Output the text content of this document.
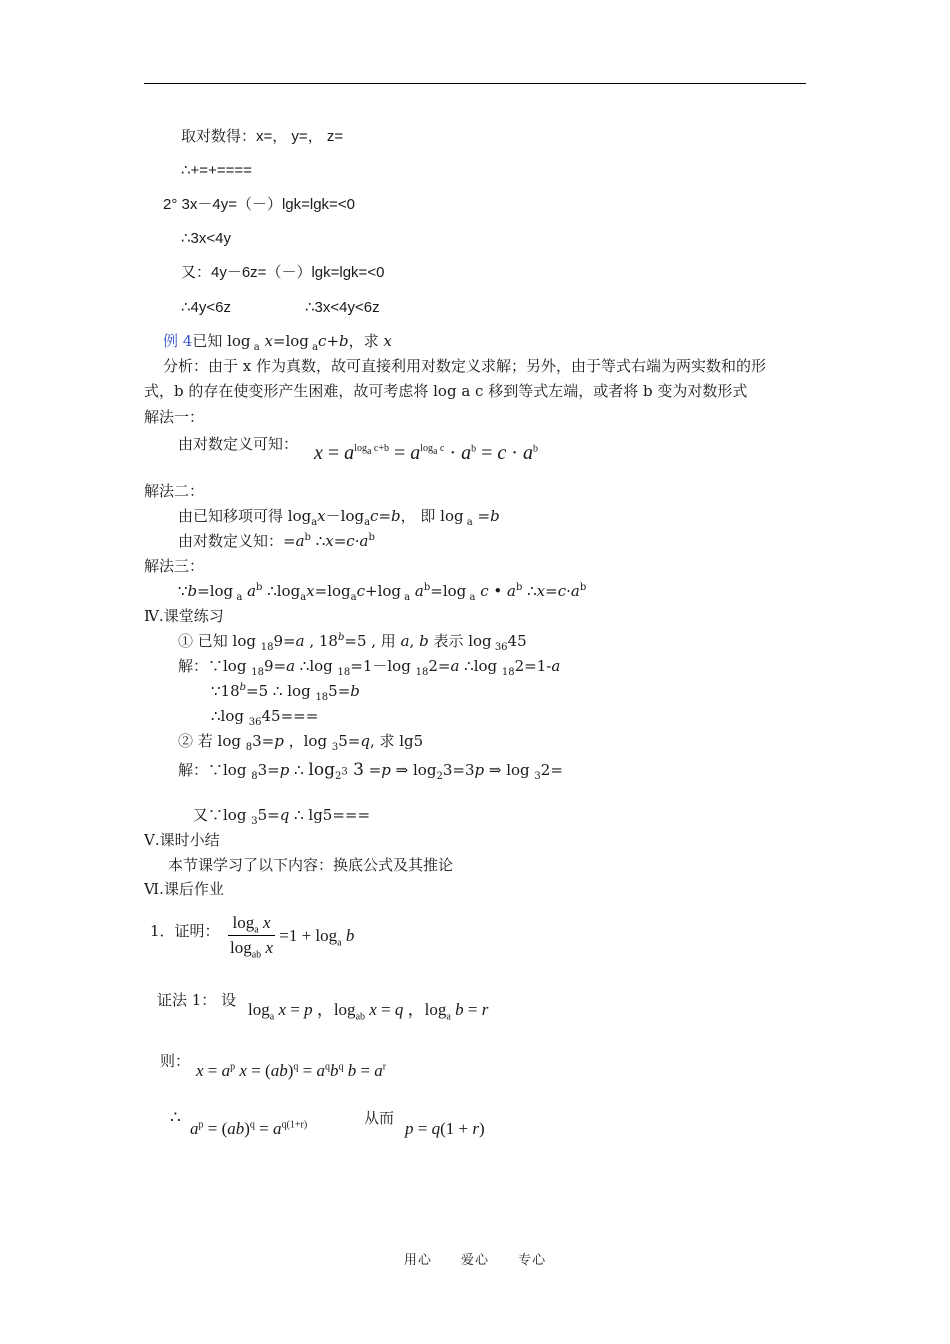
取对数得：x=， y=， z=
∴+=+====
2° 3x－4y=（－）lgk=lgk=<0
∴3x<4y
又：4y－6z=（－）lgk=lgk=<0
∴4y<6z	∴3x<4y<6z
例 4已知 log $_a$ x=log $_a$c+b，求 x
分析：由于 x 作为真数，故可直接利用对数定义求解；另外，由于等式右端为两实数和的形
式，b 的存在使变形产生困难，故可考虑将 log a c 移到等式左端，或者将 b 变为对数形式
解法一：
由对数定义可知： $x = a^{log_a c+b} = a^{log_a c} \cdot a^b = c \cdot a^b$
解法二：
由已知移项可得 $\log_ax-\log_ac=b$， 即 log $_a$ =b
由对数定义知：$=a^b$ $\therefore x=c\cdot a^b$
解法三：
∵b=log $_a$ $a^b$ $\therefore\log_ax=\log_ac+\log$ $_a$ $a^b=\log$ $_a$ c • $a^b$ $\therefore x=c\cdot a^b$
Ⅳ.课堂练习
① 已知 log $_{18}$9=a , $18^b=5$ , 用 a, b 表示 log $_{36}$45
解：∵log $_{18}$9=a ∴log $_{18}$=1－log $_{18}$2=a ∴log $_{18}$2=1-a
$\because 18^b=5$ ∴ log $_{18}$5=b
∴log $_{36}$45===
② 若 log $_8$3=p ，log $_3$5=q, 求 lg5
解：∵log $_8$3=p ∴ $\log_{2^3} 3 =p$ ⇒ $\log_23=3p$ ⇒ log $_3$2=
又∵log $_3$5=q ∴ lg5===
Ⅴ.课时小结
本节课学习了以下内容：换底公式及其推论
Ⅵ.课后作业
1．证明： $\frac{\log_a x}{\log_{ab} x} =1 + \log_a b$
证法 1： 设 $\log_a x = p$ ，$\log_{ab} x = q$ ，$\log_a b = r$
则： $x = a^p$ $x = (ab)^q = a^qb^q$ $b = a^r$
∴
$a^p = (ab)^q = a^{q(1+r)}$	从而
p = q(1 + r)
用心 爱心 专心
